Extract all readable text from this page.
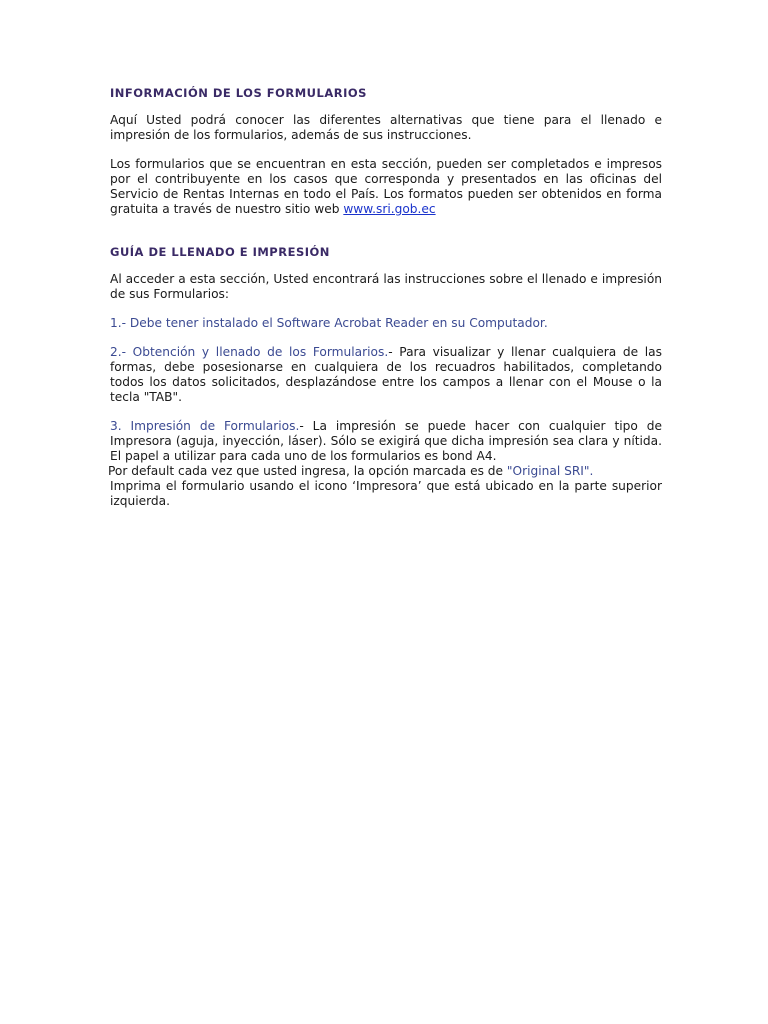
INFORMACIÓN DE LOS FORMULARIOS

Aquí Usted podrá conocer las diferentes alternativas que tiene para el llenado e impresión de los formularios, además de sus instrucciones.

Los formularios que se encuentran en esta sección, pueden ser completados e impresos por el contribuyente en los casos que corresponda y presentados en las oficinas del Servicio de Rentas Internas en todo el País. Los formatos pueden ser obtenidos en forma gratuita a través de nuestro sitio web www.sri.gob.ec

GUÍA DE LLENADO E IMPRESIÓN

Al acceder a esta sección, Usted encontrará las instrucciones sobre el llenado e impresión de sus Formularios:

1.- Debe tener instalado el Software Acrobat Reader en su Computador.

2.- Obtención y llenado de los Formularios.- Para visualizar y llenar cualquiera de las formas, debe posesionarse en cualquiera de los recuadros habilitados, completando todos los datos solicitados, desplazándose entre los campos a llenar con el Mouse o la tecla "TAB".

3. Impresión de Formularios.- La impresión se puede hacer con cualquier tipo de Impresora (aguja, inyección, láser). Sólo se exigirá que dicha impresión sea clara y nítida. El papel a utilizar para cada uno de los formularios es bond A4.

Por default cada vez que usted ingresa, la opción marcada es de "Original SRI".

Imprima el formulario usando el icono ‘Impresora’ que está ubicado en la parte superior izquierda.
